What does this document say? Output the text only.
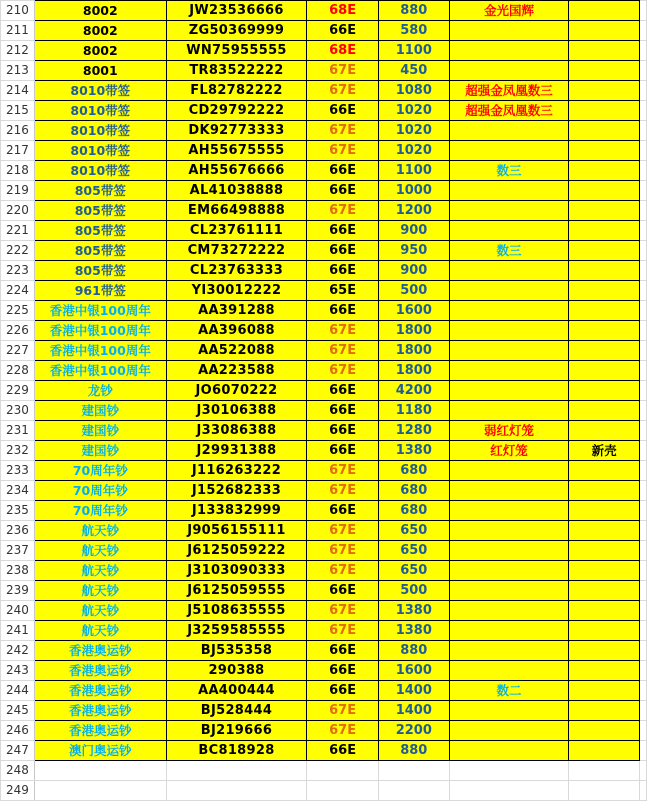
210	8002	JW23536666	68E	880	金光国辉		
211	8002	ZG50369999	66E	580			
212	8002	WN75955555	68E	1100			
213	8001	TR83522222	67E	450			
214	8010带签	FL82782222	67E	1080	超强金凤凰数三		
215	8010带签	CD29792222	66E	1020	超强金凤凰数三		
216	8010带签	DK92773333	67E	1020			
217	8010带签	AH55675555	67E	1020			
218	8010带签	AH55676666	66E	1100	数三		
219	805带签	AL41038888	66E	1000			
220	805带签	EM66498888	67E	1200			
221	805带签	CL23761111	66E	900			
222	805带签	CM73272222	66E	950	数三		
223	805带签	CL23763333	66E	900			
224	961带签	YI30012222	65E	500			
225	香港中银100周年	AA391288	66E	1600			
226	香港中银100周年	AA396088	67E	1800			
227	香港中银100周年	AA522088	67E	1800			
228	香港中银100周年	AA223588	67E	1800			
229	龙钞	JO6070222	66E	4200			
230	建国钞	J30106388	66E	1180			
231	建国钞	J33086388	66E	1280	弱红灯笼		
232	建国钞	J29931388	66E	1380	红灯笼	新壳	
233	70周年钞	J116263222	67E	680			
234	70周年钞	J152682333	67E	680			
235	70周年钞	J133832999	66E	680			
236	航天钞	J9056155111	67E	650			
237	航天钞	J6125059222	67E	650			
238	航天钞	J3103090333	67E	650			
239	航天钞	J6125059555	66E	500			
240	航天钞	J5108635555	67E	1380			
241	航天钞	J3259585555	67E	1380			
242	香港奥运钞	BJ535358	66E	880			
243	香港奥运钞	290388	66E	1600			
244	香港奥运钞	AA400444	66E	1400	数二		
245	香港奥运钞	BJ528444	67E	1400			
246	香港奥运钞	BJ219666	67E	2200			
247	澳门奥运钞	BC818928	66E	880			
248							
249							
